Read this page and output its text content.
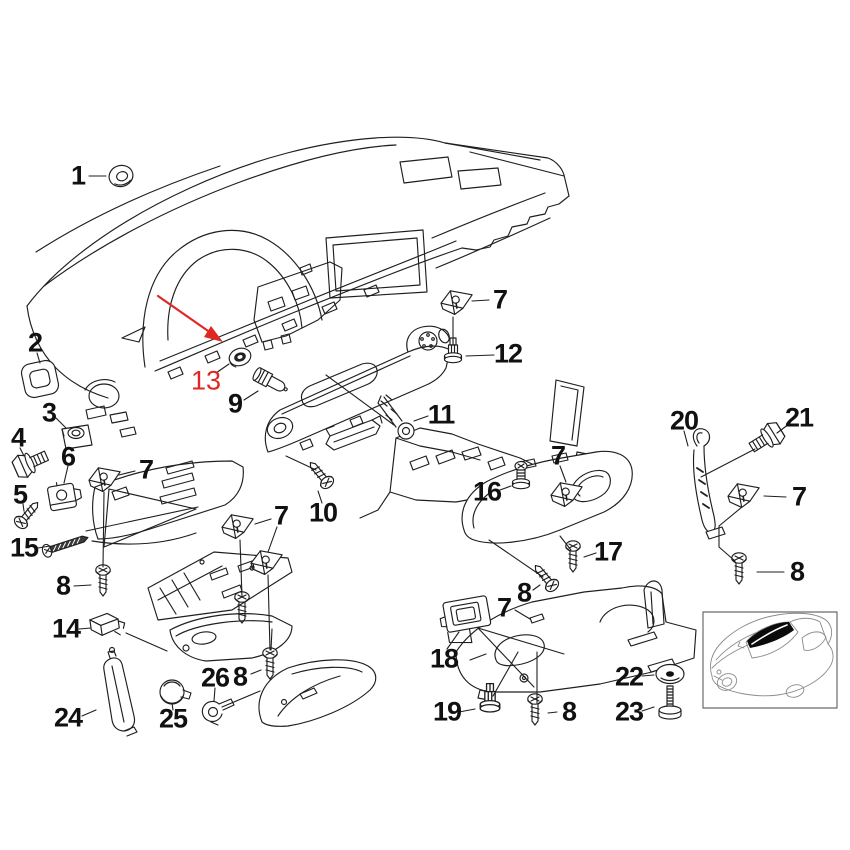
1
2
3
4
6
5
7
15
8
14
24	25
26 8
7
9
13
10
11
7
12
16
7
17
8
18
7
19	8
22
23
20	21
7
8
